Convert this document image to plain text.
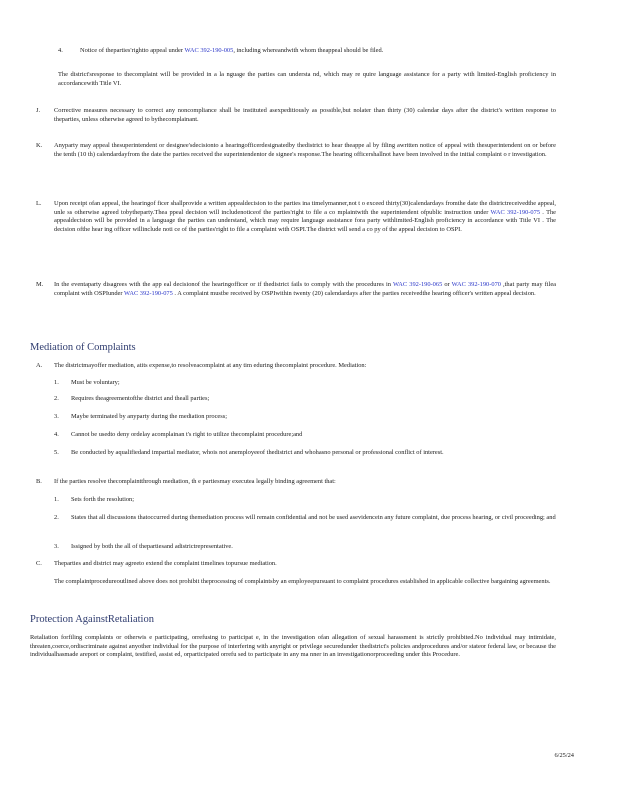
4.	Notice of theparties'rightto appeal under WAC 392-190-005, including whereandwith whom theappeal should be filed.
The district'sresponse to thecomplaint will be provided in a la nguage the parties can understa nd, which may re quire language assistance for a party with limited-English proficiency in accordancewith Title VI.
J. Corrective measures necessary to correct any noncompliance shall be instituted asexpeditiously as possible,but nolater than thirty (30) calendar days after the district's written response to theparties, unless otherwise agreed to bythecomplainant.
K. Anyparty may appeal thesuperintendent or designee'sdecisionto a hearingofficerdesignatedby thedistrict to hear theappe al by filing awritten notice of appeal with thesuperintendent on or before the tenth (10 th) calendardayfrom the date the parties received the superintendentor de signee's response.The hearing officershallnot have been involved in the initial complaint o r investigation.
L. Upon receipt ofan appeal, the hearingof ficer shallprovide a written appealdecision to the parties ina timelymanner,not t o exceed thirty(30)calendardays fromthe date the districtreceivedthe appeal, unle ss otherwise agreed tobytheparty.Thea ppeal decision will includenoticeof the parties'right to file a co mplaintwith the superintendent ofpublic instruction under WAC 392-190-075 . The appealdecision will be provided in a language the parties can understand, which may require language assistance fora party withlimited-English proficiency in accordance with Title VI . The decision ofthe hear ing officer willinclude noti ce of the parties'right to file a complaint with OSPI.The district will send a co py of the appeal decision to OSPI.
M. In the eventaparty disagrees with the app eal decisionof the hearingofficer or if thedistrict fails to comply with the procedures in WAC 392-190-065 or WAC 392-190-070 ,that party may filea complaint with OSPIunder WAC 392-190-075 . A complaint mustbe received by OSPIwithin twenty (20) calendardays after the parties receivedthe hearing officer's written appeal decision.
Mediation of Complaints
A. The districtmayoffer mediation, atits expense,to resolveacomplaint at any tim eduring thecomplaint procedure. Mediation:
1. Must be voluntary;
2. Requires theagreementofthe district and theall parties;
3. Maybe terminated by anyparty during the mediation process;
4. Cannot be usedto deny ordelay acomplainan t's right to utilize thecomplaint procedure;and
5. Be conducted by aqualifiedand impartial mediator, whois not anemployeeof thedistrict and whohasno personal or professional conflict of interest.
B. If the parties resolve thecomplaintthrough mediation, th e partiesmay executea legally binding agreement that:
1. Sets forth the resolution;
2. States that all discussions thatoccurred during themediation process will remain confidential and not be used asevidencein any future complaint, due process hearing, or civil proceeding; and
3. Issigned by both the all of thepartiesand adistrictrepresentative.
C. Theparties and district may agreeto extend the complaint timelines topursue mediation.
The complaintprocedureoutlined above does not prohibit theprocessing of complaintsby an employeepursuant to complaint procedures established in applicable collective bargaining agreements.
Protection AgainstRetaliation
Retaliation forfiling complaints or otherwis e participating, orrefusing to participat e, in the investigation ofan allegation of sexual harassment is strictly prohibited.No individual may intimidate, threaten,coerce,ordiscriminate against anyother individual for the purpose of interfering with anyright or privilege securedunder thedistrict's policies andprocedures and/or stateor federal law, or because the individualhasmade areport or complaint, testified, assist ed, orparticipated orrefu sed to participate in any ma nner in an investigationorproceeding under this Procedure.
6/25/24
